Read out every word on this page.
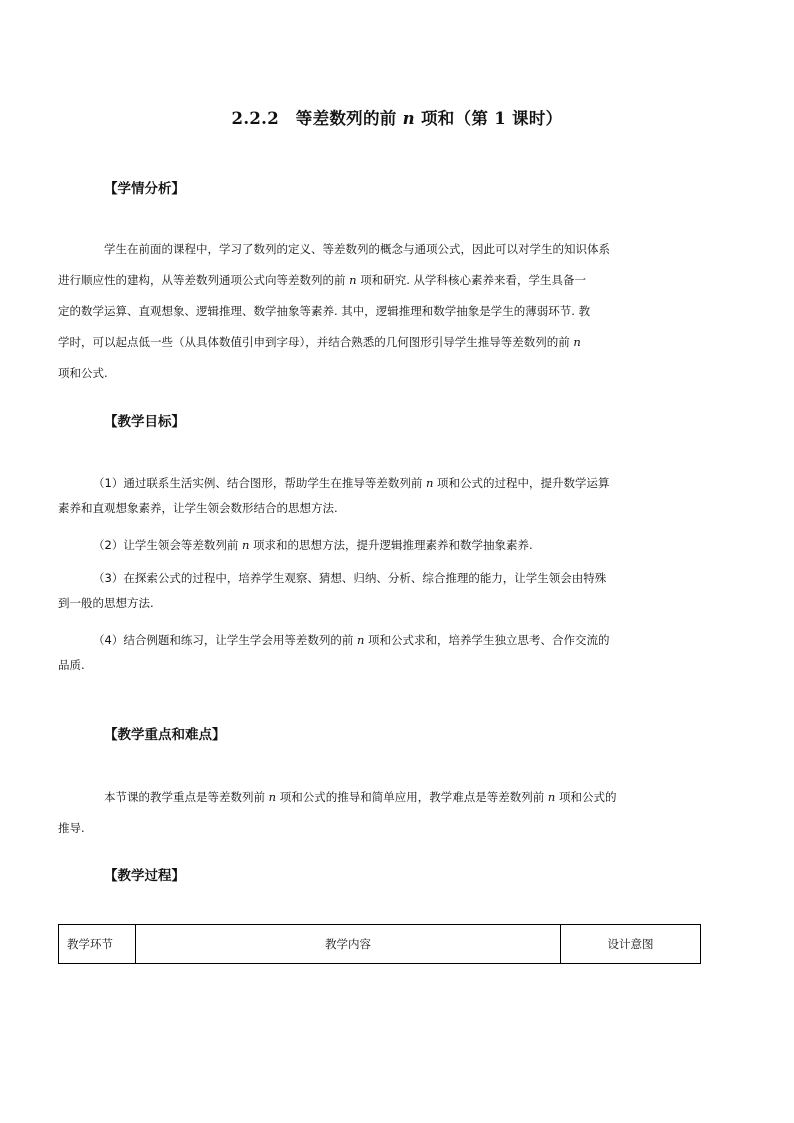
2.2.2　等差数列的前 n 项和（第 1 课时）
【学情分析】
学生在前面的课程中，学习了数列的定义、等差数列的概念与通项公式，因此可以对学生的知识体系
进行顺应性的建构，从等差数列通项公式向等差数列的前 n 项和研究. 从学科核心素养来看，学生具备一
定的数学运算、直观想象、逻辑推理、数学抽象等素养. 其中，逻辑推理和数学抽象是学生的薄弱环节. 教
学时，可以起点低一些（从具体数值引申到字母），并结合熟悉的几何图形引导学生推导等差数列的前 n
项和公式.
【教学目标】
（1）通过联系生活实例、结合图形，帮助学生在推导等差数列前 n 项和公式的过程中，提升数学运算
素养和直观想象素养，让学生领会数形结合的思想方法.
（2）让学生领会等差数列前 n 项求和的思想方法，提升逻辑推理素养和数学抽象素养.
（3）在探索公式的过程中，培养学生观察、猜想、归纳、分析、综合推理的能力，让学生领会由特殊
到一般的思想方法.
（4）结合例题和练习，让学生学会用等差数列的前 n 项和公式求和，培养学生独立思考、合作交流的
品质.
【教学重点和难点】
本节课的教学重点是等差数列前 n 项和公式的推导和简单应用，教学难点是等差数列前 n 项和公式的
推导.
【教学过程】
教学环节	教学内容	设计意图
